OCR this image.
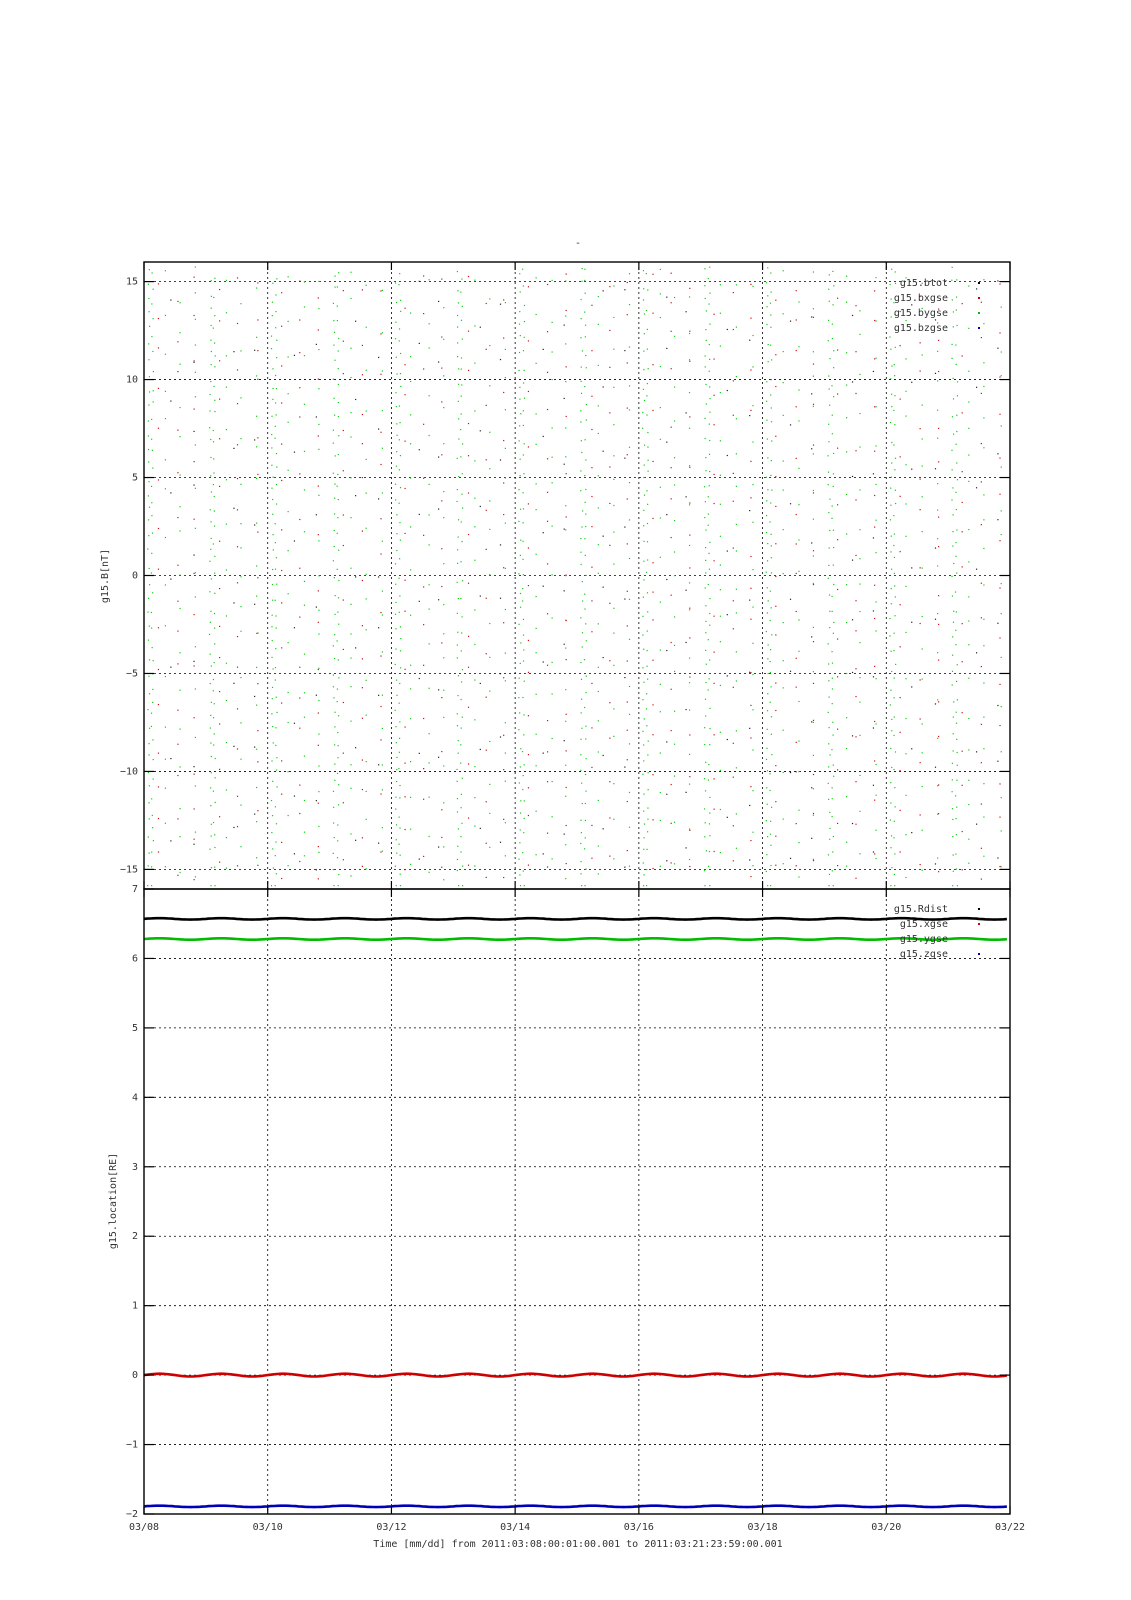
-
15
10
5
0
−5
−10
−15
g15.btot
g15.bxgse
g15.bygse
g15.bzgse
g15.B[nT]
7
6
5
4
3
2
1
0
−1
−2
03/08	03/10	03/12	03/14	03/16	03/18	03/20	03/22
g15.Rdist
g15.xgse
g15.ygse
g15.zgse
g15.location[RE]
Time [mm/dd] from 2011:03:08:00:01:00.001 to 2011:03:21:23:59:00.001
